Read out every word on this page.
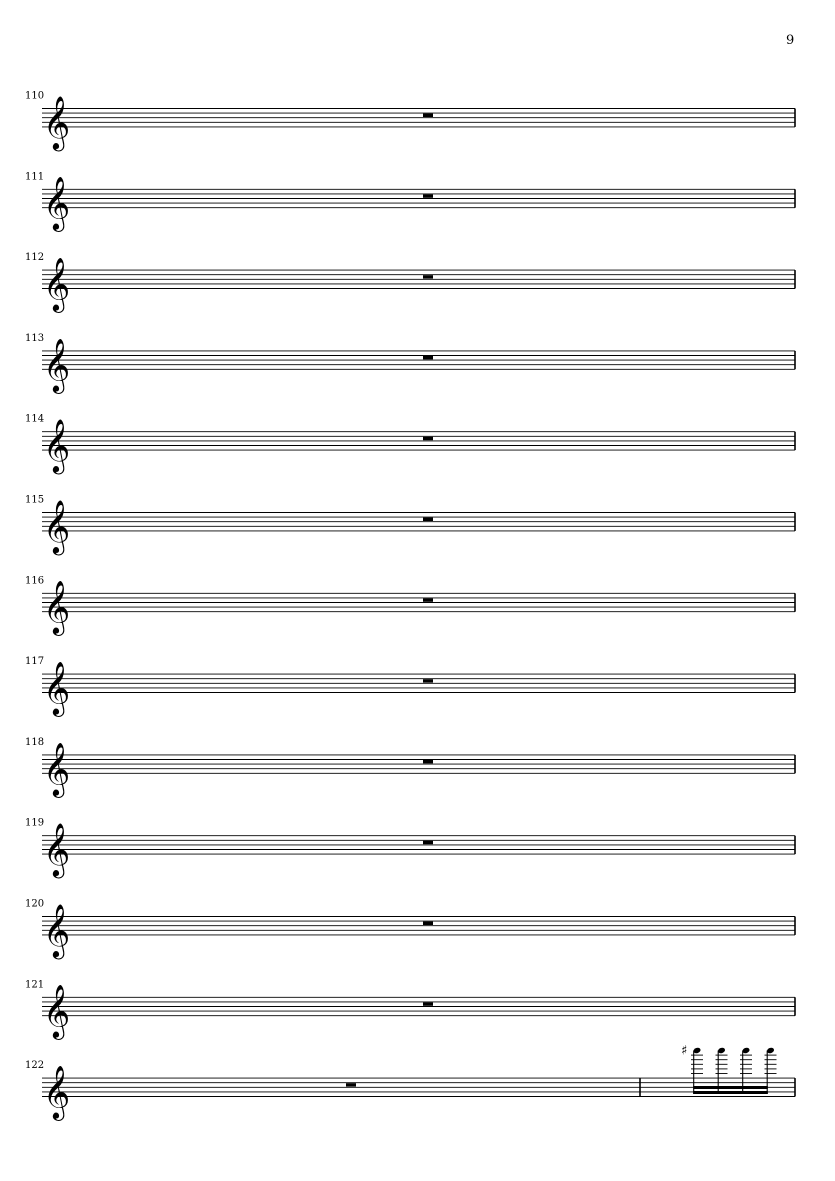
9
110
𝄞
111
𝄞
112
𝄞
113
𝄞
114
𝄞
115
𝄞
116
𝄞
117
𝄞
118
𝄞
119
𝄞
120
𝄞
121
𝄞
122
𝄞
♯
